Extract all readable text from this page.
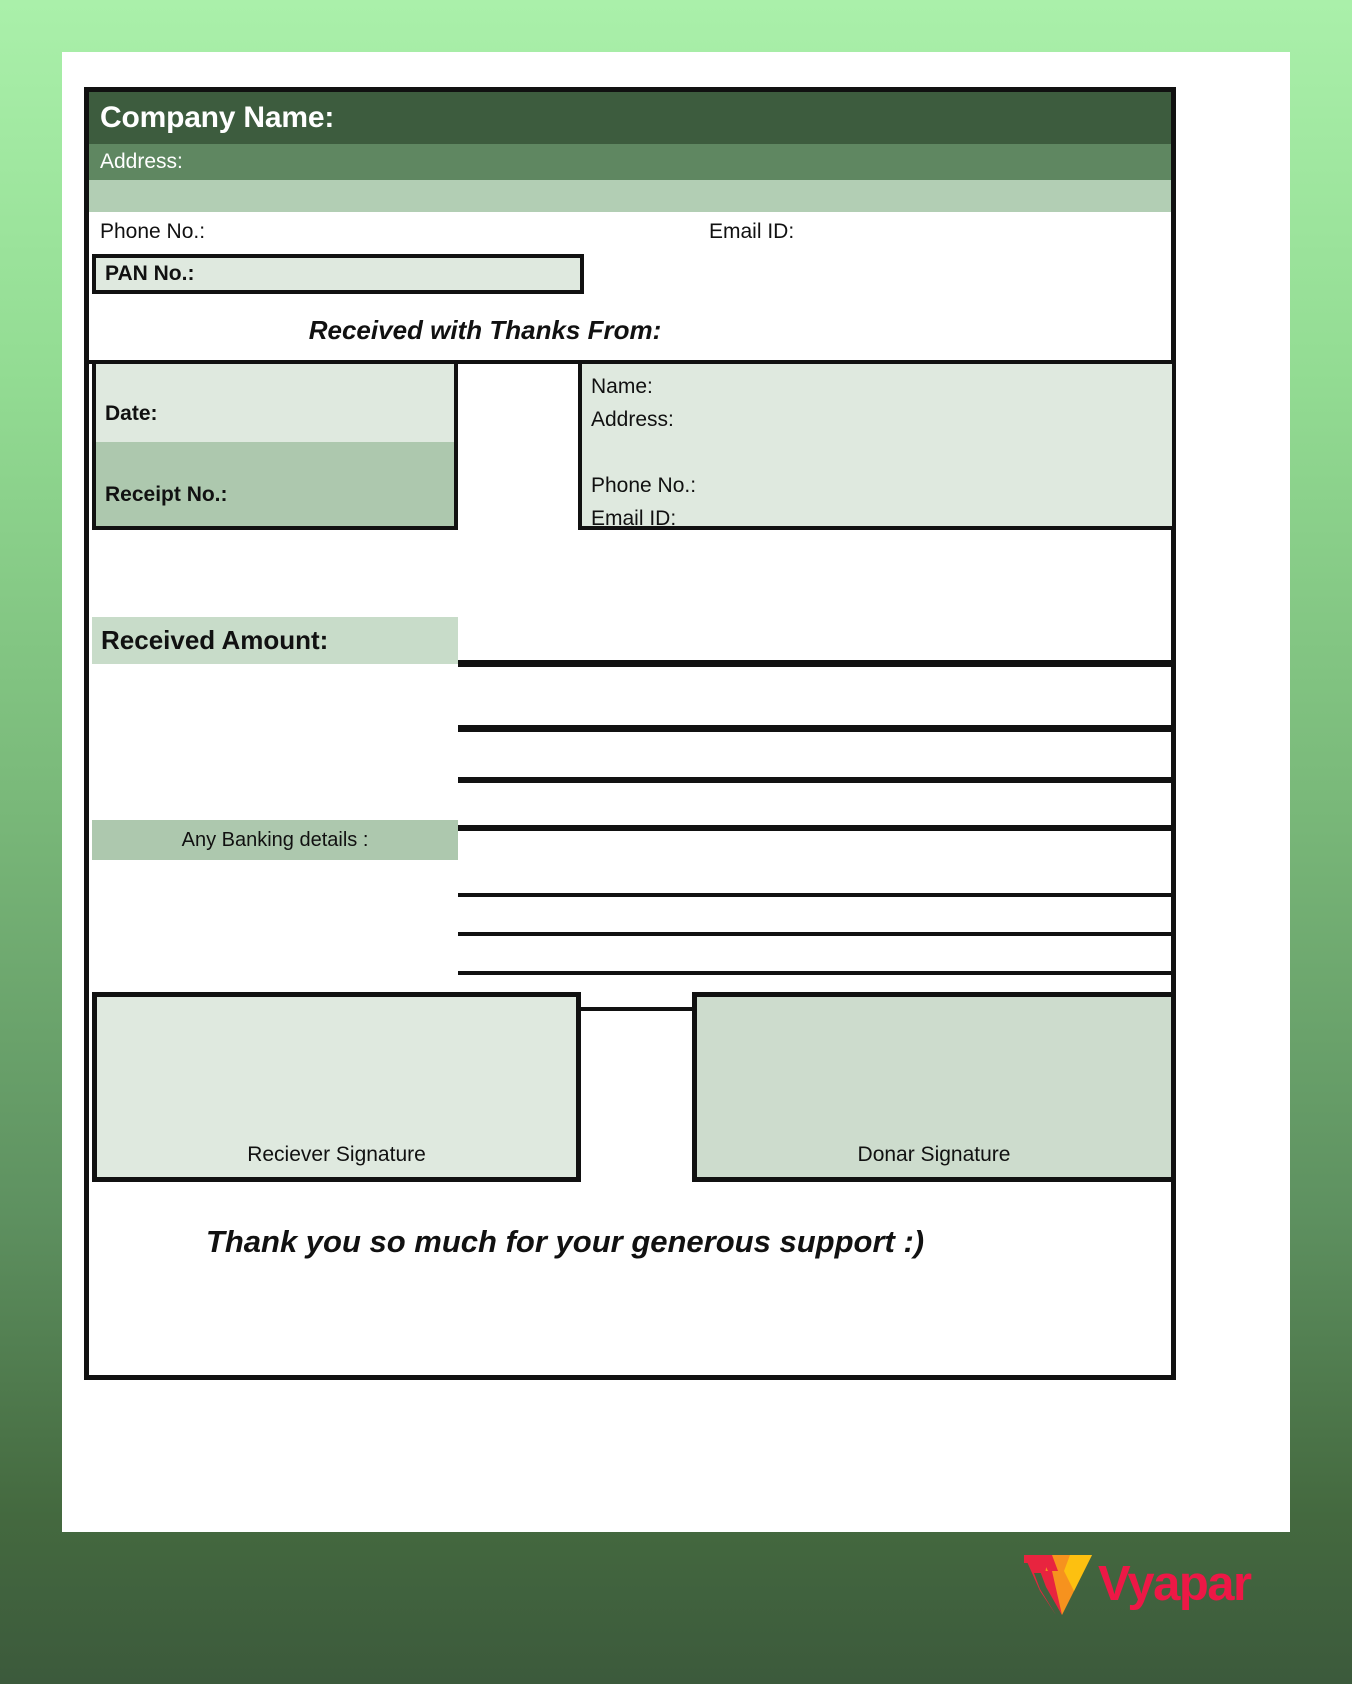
Company Name:
Address:
Phone No.:	Email ID:
PAN No.:
Received with Thanks From:
Date:
Receipt No.:
Name:
Address:
Phone No.:
Email ID:
Received Amount:
Any Banking details :
Reciever Signature	Donar Signature
Thank you so much for your generous support :)
Vyapar
